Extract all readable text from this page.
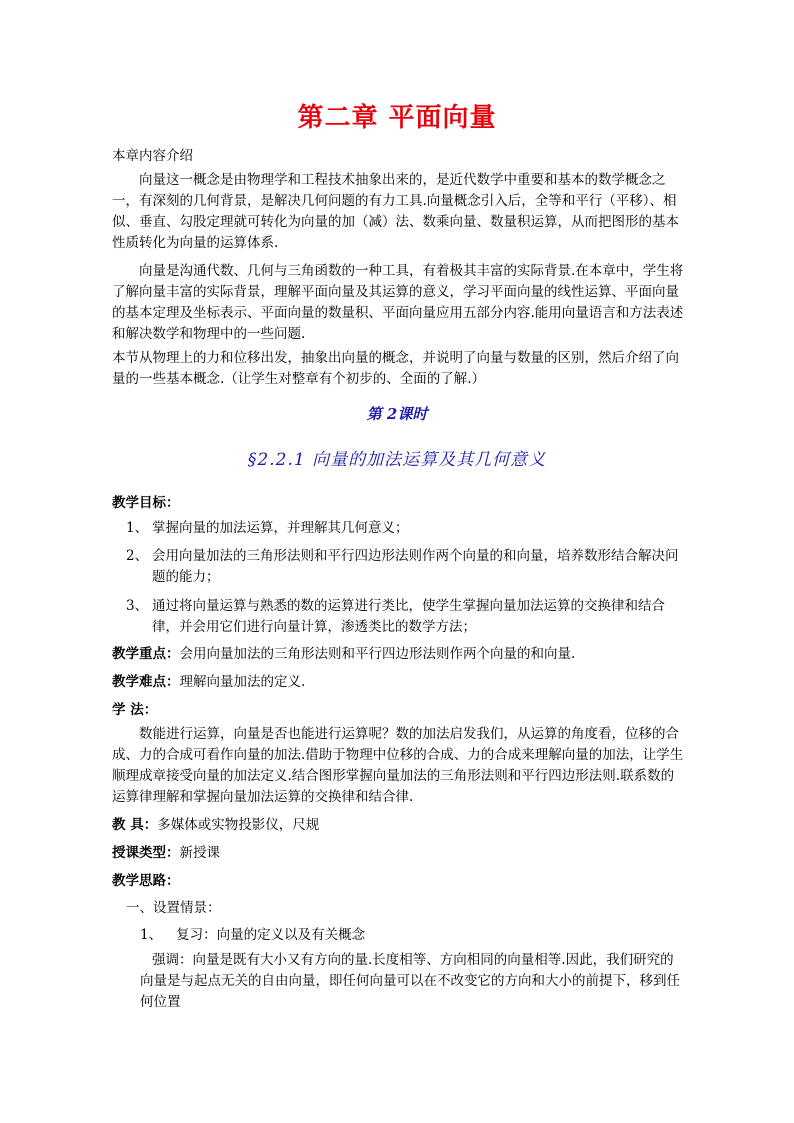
第二章 平面向量
本章内容介绍
向量这一概念是由物理学和工程技术抽象出来的，是近代数学中重要和基本的数学概念之一，有深刻的几何背景，是解决几何问题的有力工具.向量概念引入后，全等和平行（平移）、相似、垂直、勾股定理就可转化为向量的加（减）法、数乘向量、数量积运算，从而把图形的基本性质转化为向量的运算体系.
向量是沟通代数、几何与三角函数的一种工具，有着极其丰富的实际背景.在本章中，学生将了解向量丰富的实际背景，理解平面向量及其运算的意义，学习平面向量的线性运算、平面向量的基本定理及坐标表示、平面向量的数量积、平面向量应用五部分内容.能用向量语言和方法表述和解决数学和物理中的一些问题.
本节从物理上的力和位移出发，抽象出向量的概念，并说明了向量与数量的区别，然后介绍了向量的一些基本概念.（让学生对整章有个初步的、全面的了解.）
第 2课时
§2.2.1 向量的加法运算及其几何意义
教学目标：
1、 掌握向量的加法运算，并理解其几何意义；
2、 会用向量加法的三角形法则和平行四边形法则作两个向量的和向量，培养数形结合解决问题的能力；
3、 通过将向量运算与熟悉的数的运算进行类比，使学生掌握向量加法运算的交换律和结合律，并会用它们进行向量计算，渗透类比的数学方法；
教学重点：会用向量加法的三角形法则和平行四边形法则作两个向量的和向量.
教学难点：理解向量加法的定义.
学 法：
数能进行运算，向量是否也能进行运算呢？数的加法启发我们，从运算的角度看，位移的合成、力的合成可看作向量的加法.借助于物理中位移的合成、力的合成来理解向量的加法，让学生顺理成章接受向量的加法定义.结合图形掌握向量加法的三角形法则和平行四边形法则.联系数的运算律理解和掌握向量加法运算的交换律和结合律.
教 具：多媒体或实物投影仪，尺规
授课类型：新授课
教学思路：
一、设置情景：
1、 复习：向量的定义以及有关概念
强调：向量是既有大小又有方向的量.长度相等、方向相同的向量相等.因此，我们研究的向量是与起点无关的自由向量，即任何向量可以在不改变它的方向和大小的前提下，移到任何位置
